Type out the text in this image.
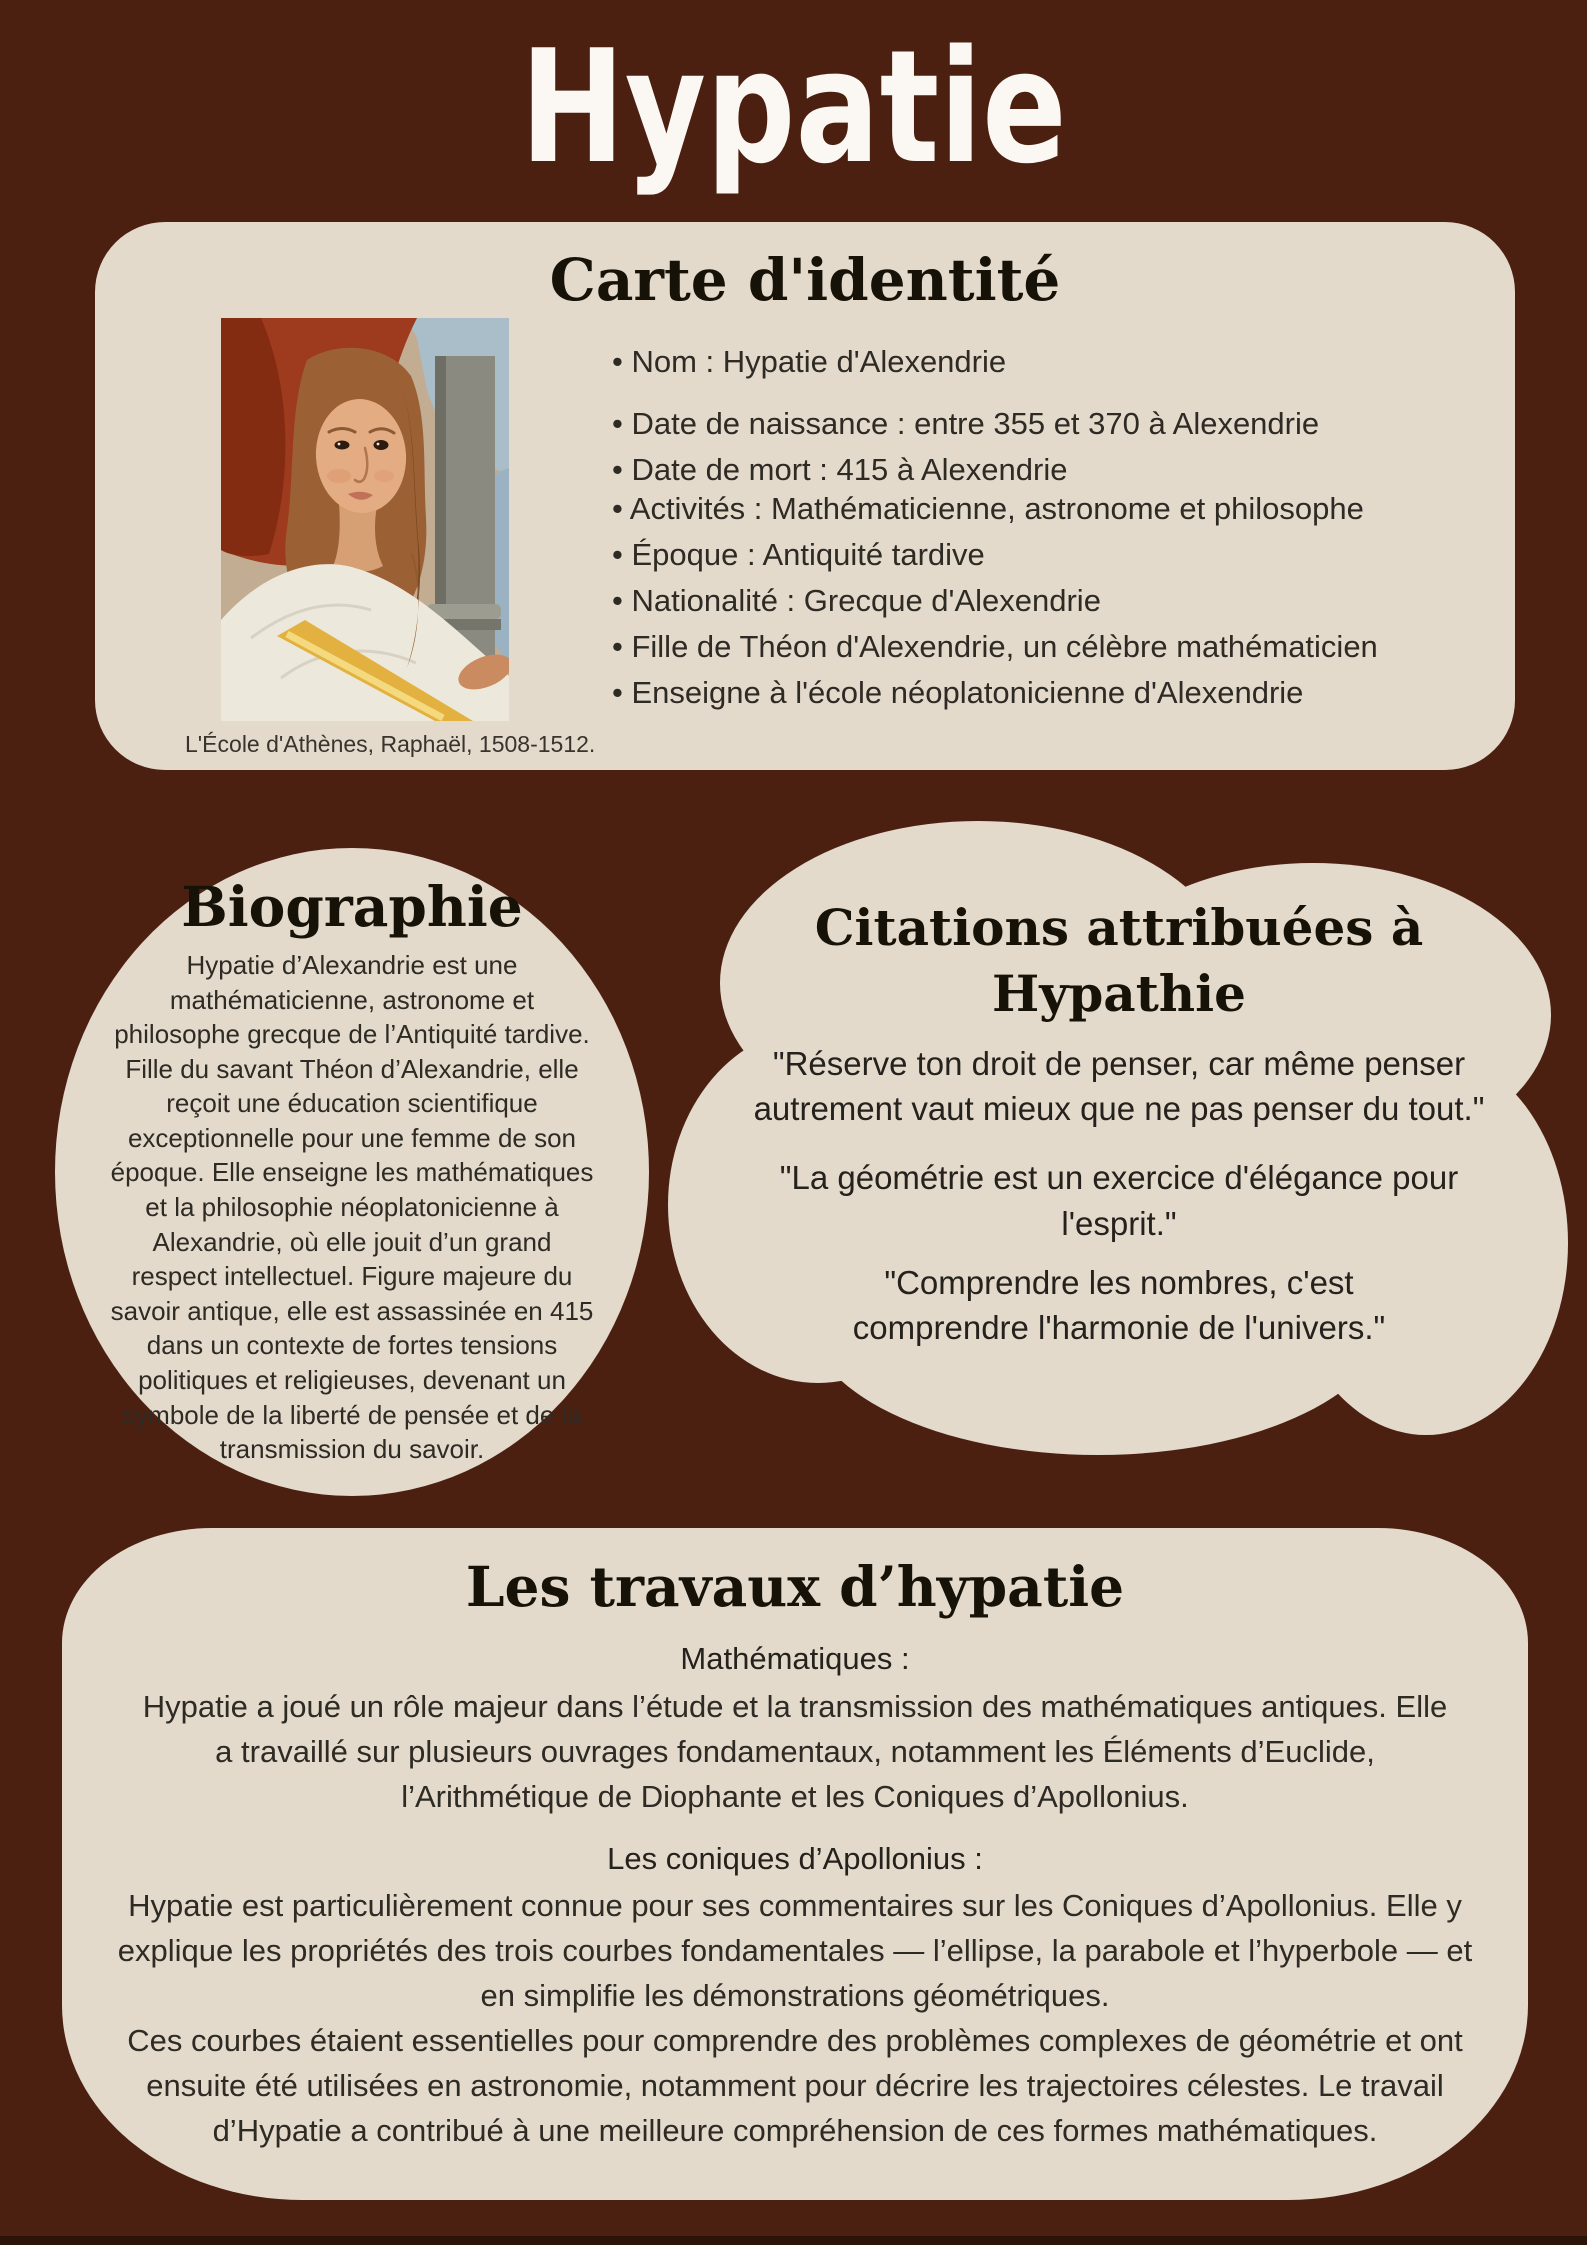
Hypatie
Carte d'identité
L'École d'Athènes, Raphaël, 1508-1512.
• Nom : Hypatie d'Alexendrie
• Date de naissance : entre 355 et 370 à Alexendrie
• Date de mort : 415 à Alexendrie
• Activités : Mathématicienne, astronome et philosophe
• Époque : Antiquité tardive
• Nationalité : Grecque d'Alexendrie
• Fille de Théon d'Alexendrie, un célèbre mathématicien
• Enseigne à l'école néoplatonicienne d'Alexendrie
Biographie

Hypatie d’Alexandrie est une mathématicienne, astronome et philosophe grecque de l’Antiquité tardive. Fille du savant Théon d’Alexandrie, elle reçoit une éducation scientifique exceptionnelle pour une femme de son époque. Elle enseigne les mathématiques et la philosophie néoplatonicienne à Alexandrie, où elle jouit d’un grand respect intellectuel. Figure majeure du savoir antique, elle est assassinée en 415 dans un contexte de fortes tensions politiques et religieuses, devenant un symbole de la liberté de pensée et de la transmission du savoir.

Citations attribuées à Hypathie

"Réserve ton droit de penser, car même penser autrement vaut mieux que ne pas penser du tout."

"La géométrie est un exercice d'élégance pour l'esprit."

"Comprendre les nombres, c'est comprendre l'harmonie de l'univers."

Les travaux d’hypatie

Mathématiques :

Hypatie a joué un rôle majeur dans l’étude et la transmission des mathématiques antiques. Elle a travaillé sur plusieurs ouvrages fondamentaux, notamment les Éléments d’Euclide, l’Arithmétique de Diophante et les Coniques d’Apollonius.

Les coniques d’Apollonius :

Hypatie est particulièrement connue pour ses commentaires sur les Coniques d’Apollonius. Elle y explique les propriétés des trois courbes fondamentales — l’ellipse, la parabole et l’hyperbole — et en simplifie les démonstrations géométriques.

Ces courbes étaient essentielles pour comprendre des problèmes complexes de géométrie et ont ensuite été utilisées en astronomie, notamment pour décrire les trajectoires célestes. Le travail d’Hypatie a contribué à une meilleure compréhension de ces formes mathématiques.
